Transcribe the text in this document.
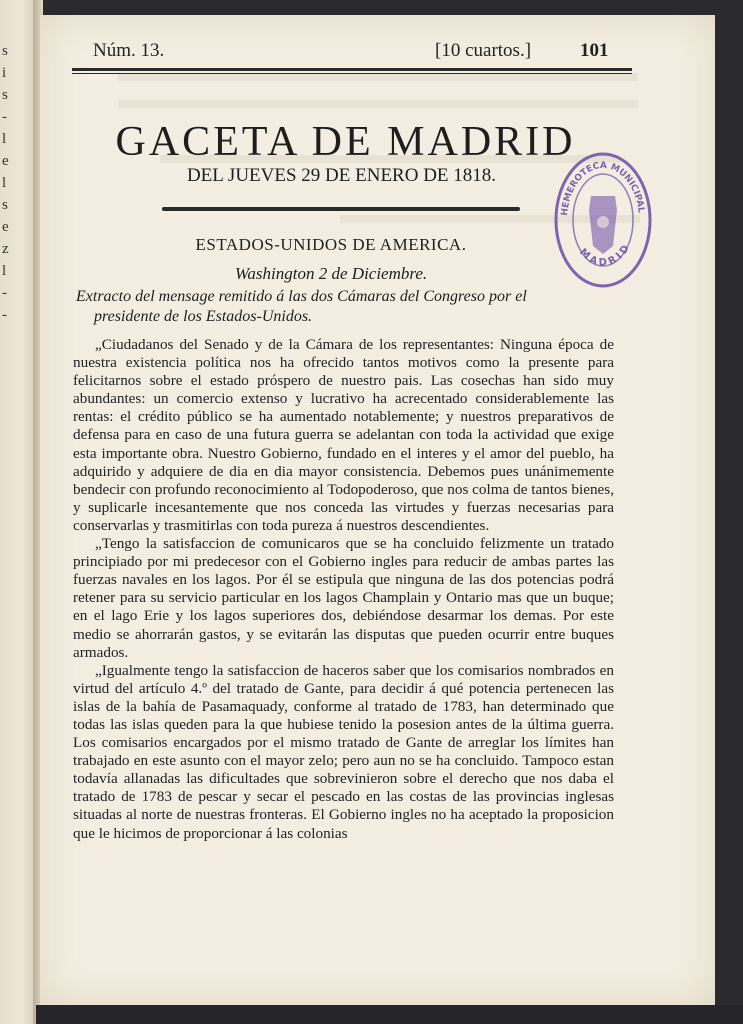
s
i
s
-
l
e
l
s
e
z
l
-
-
Núm. 13.	[10 cuartos.]	101
GACETA DE MADRID
DEL JUEVES 29 DE ENERO DE 1818.
ESTADOS-UNIDOS DE AMERICA.
Washington 2 de Diciembre.
Extracto del mensage remitido á las dos Cámaras del Congreso por el
presidente de los Estados-Unidos.

„Ciudadanos del Senado y de la Cámara de los representantes: Ninguna época de nuestra existencia política nos ha ofrecido tantos motivos como la presente para felicitarnos sobre el estado próspero de nuestro pais. Las cosechas han sido muy abundantes: un comercio extenso y lucrativo ha acrecentado considerablemente las rentas: el crédito público se ha aumentado notablemente; y nuestros preparativos de defensa para en caso de una futura guerra se adelantan con toda la actividad que exige esta importante obra. Nuestro Gobierno, fundado en el interes y el amor del pueblo, ha adquirido y adquiere de dia en dia mayor consistencia. Debemos pues unánimemente bendecir con profundo reconocimiento al Todopoderoso, que nos colma de tantos bienes, y suplicarle incesantemente que nos conceda las virtudes y fuerzas necesarias para conservarlas y trasmitirlas con toda pureza á nuestros descendientes.

„Tengo la satisfaccion de comunicaros que se ha concluido felizmente un tratado principiado por mi predecesor con el Gobierno ingles para reducir de ambas partes las fuerzas navales en los lagos. Por él se estipula que ninguna de las dos potencias podrá retener para su servicio particular en los lagos Champlain y Ontario mas que un buque; en el lago Erie y los lagos superiores dos, debiéndose desarmar los demas. Por este medio se ahorrarán gastos, y se evitarán las disputas que pueden ocurrir entre buques armados.

„Igualmente tengo la satisfaccion de haceros saber que los comisarios nombrados en virtud del artículo 4.º del tratado de Gante, para decidir á qué potencia pertenecen las islas de la bahía de Pasamaquady, conforme al tratado de 1783, han determinado que todas las islas queden para la que hubiese tenido la posesion antes de la última guerra. Los comisarios encargados por el mismo tratado de Gante de arreglar los límites han trabajado en este asunto con el mayor zelo; pero aun no se ha concluido. Tampoco estan todavía allanadas las dificultades que sobrevinieron sobre el derecho que nos daba el tratado de 1783 de pescar y secar el pescado en las costas de las provincias inglesas situadas al norte de nuestras fronteras. El Gobierno ingles no ha aceptado la proposicion que le hicimos de proporcionar á las colonias

HEMEROTECA MUNICIPAL
MADRID
